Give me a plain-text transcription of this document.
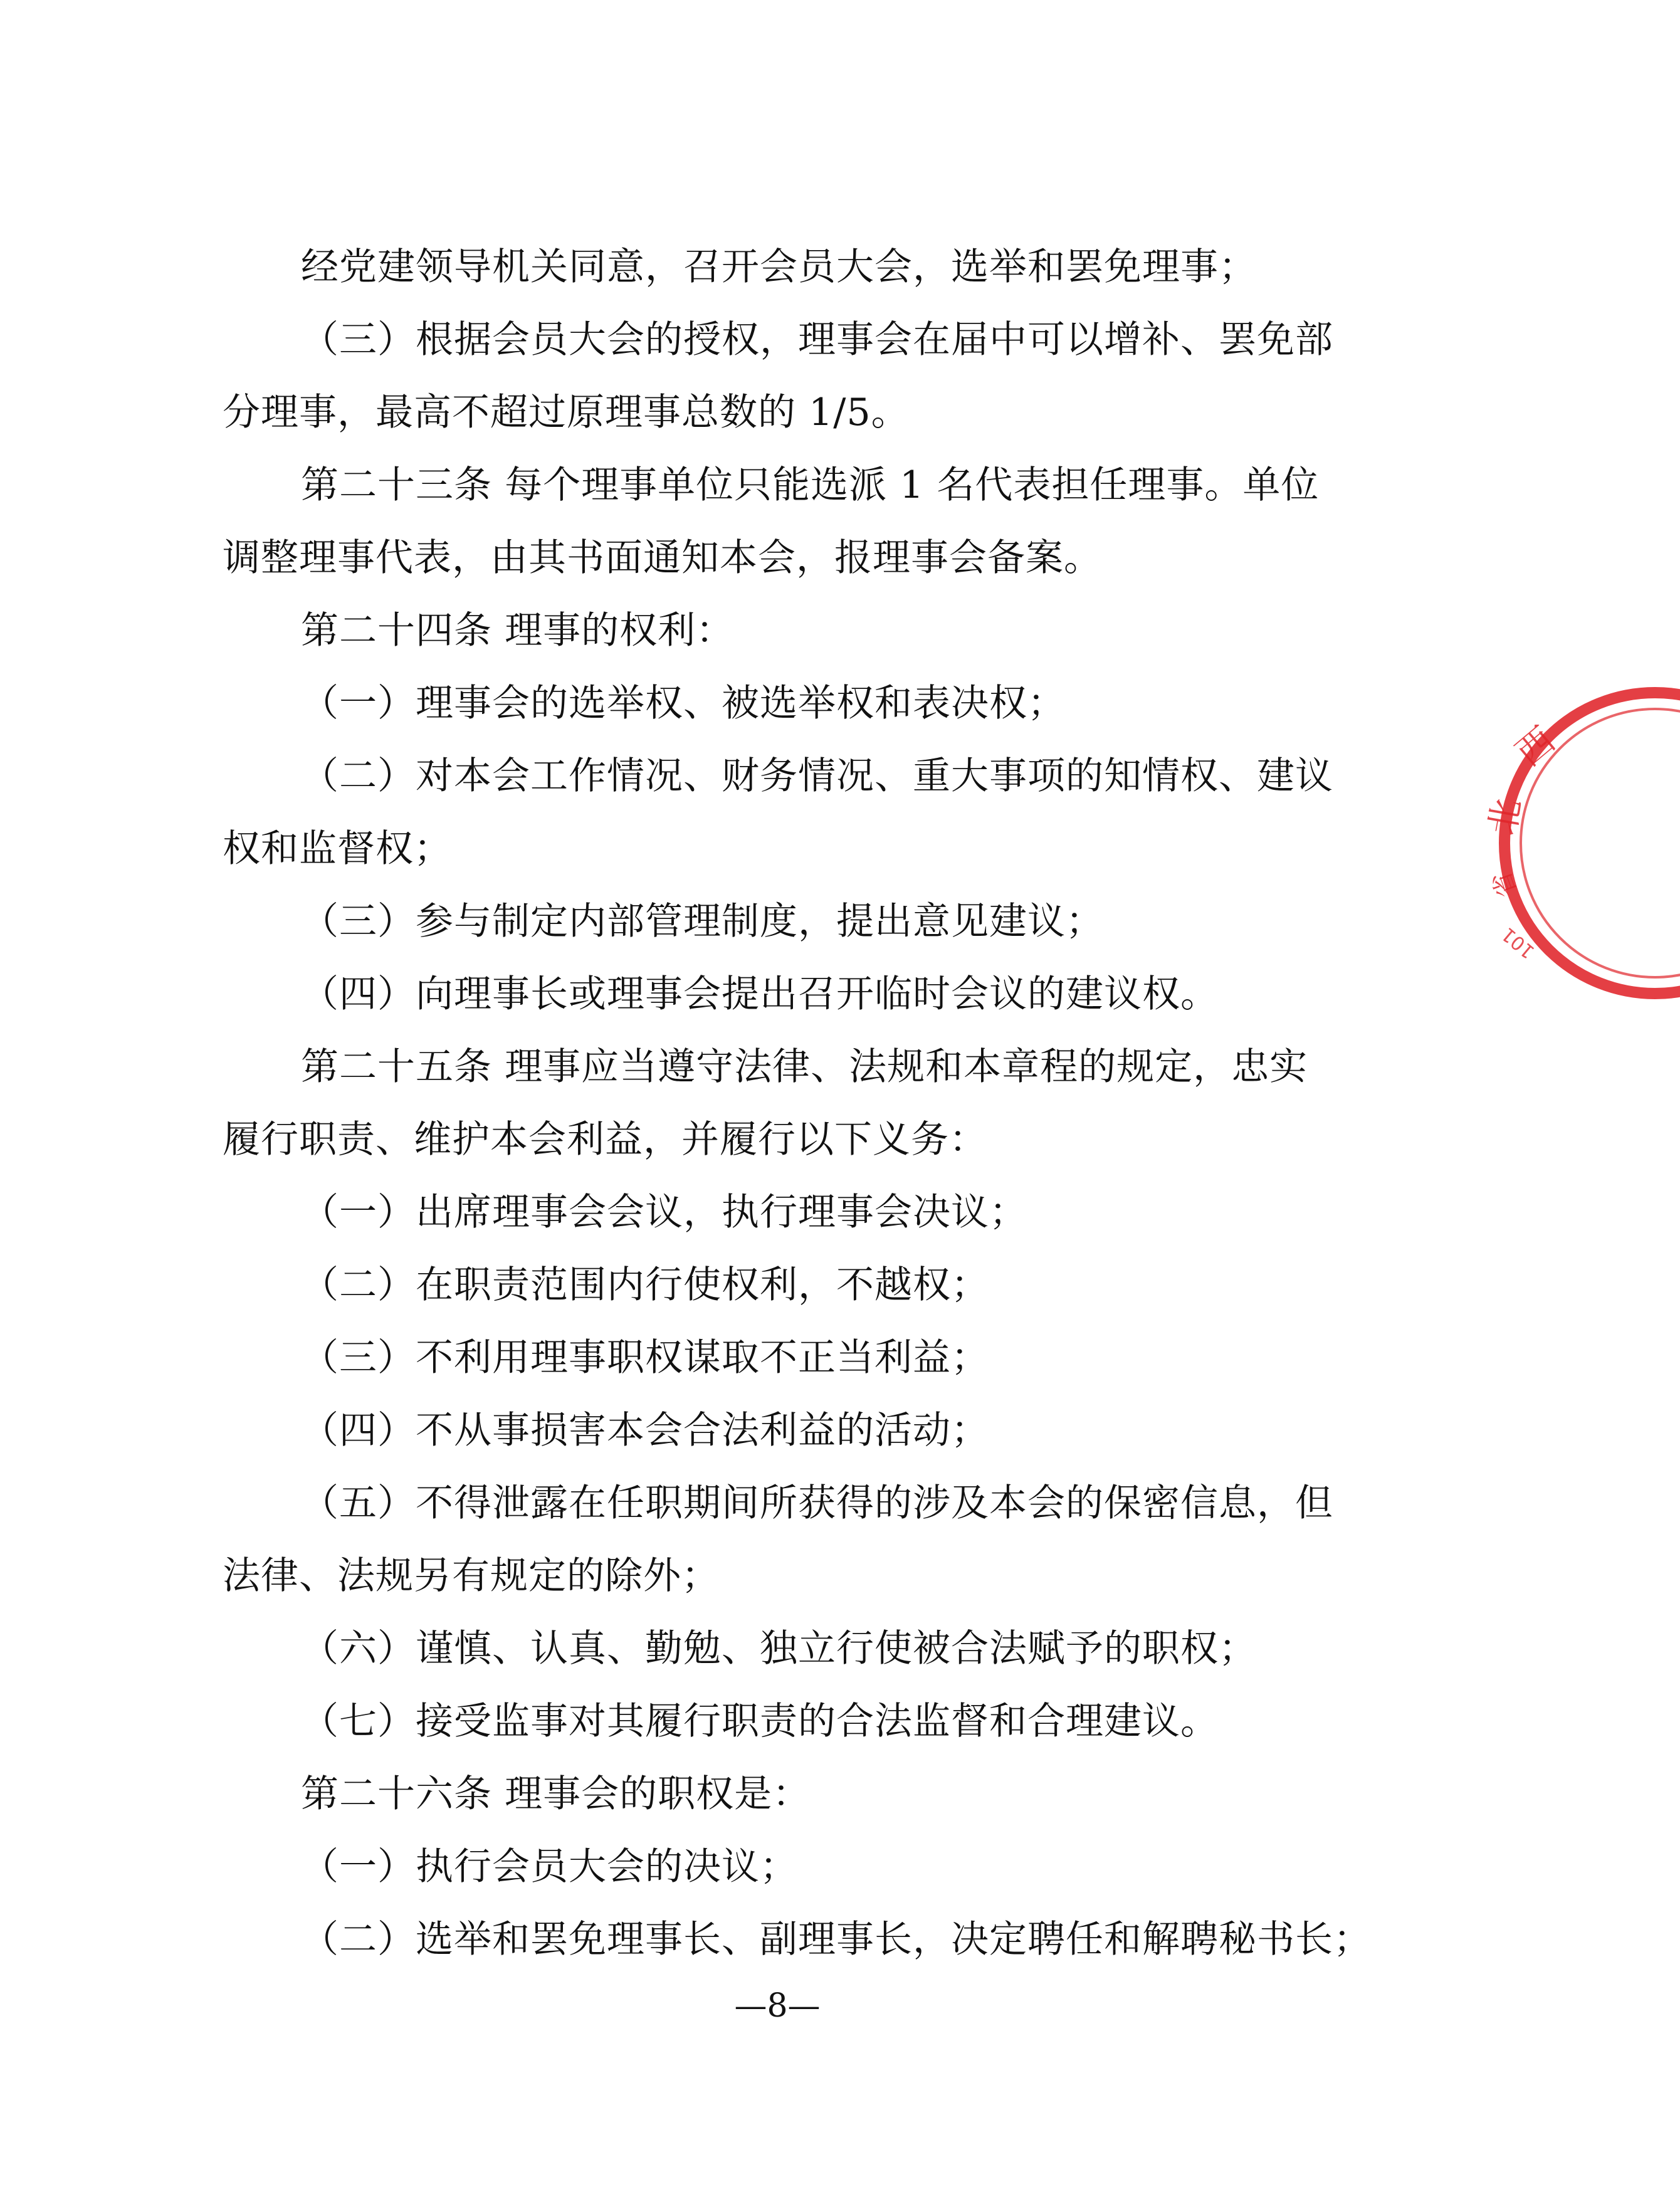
经党建领导机关同意，召开会员大会，选举和罢免理事；
（三）根据会员大会的授权，理事会在届中可以增补、罢免部
分理事，最高不超过原理事总数的 1/5。
第二十三条 每个理事单位只能选派 1 名代表担任理事。单位
调整理事代表，由其书面通知本会，报理事会备案。
第二十四条 理事的权利：
（一）理事会的选举权、被选举权和表决权；
（二）对本会工作情况、财务情况、重大事项的知情权、建议
权和监督权；
（三）参与制定内部管理制度，提出意见建议；
（四）向理事长或理事会提出召开临时会议的建议权。
第二十五条 理事应当遵守法律、法规和本章程的规定，忠实
履行职责、维护本会利益，并履行以下义务：
（一）出席理事会会议，执行理事会决议；
（二）在职责范围内行使权利，不越权；
（三）不利用理事职权谋取不正当利益；
（四）不从事损害本会合法利益的活动；
（五）不得泄露在任职期间所获得的涉及本会的保密信息，但
法律、法规另有规定的除外；
（六）谨慎、认真、勤勉、独立行使被合法赋予的职权；
（七）接受监事对其履行职责的合法监督和合理建议。
第二十六条 理事会的职权是：
（一）执行会员大会的决议；
（二）选举和罢免理事长、副理事长，决定聘任和解聘秘书长；
—8—
西
北
省
101
